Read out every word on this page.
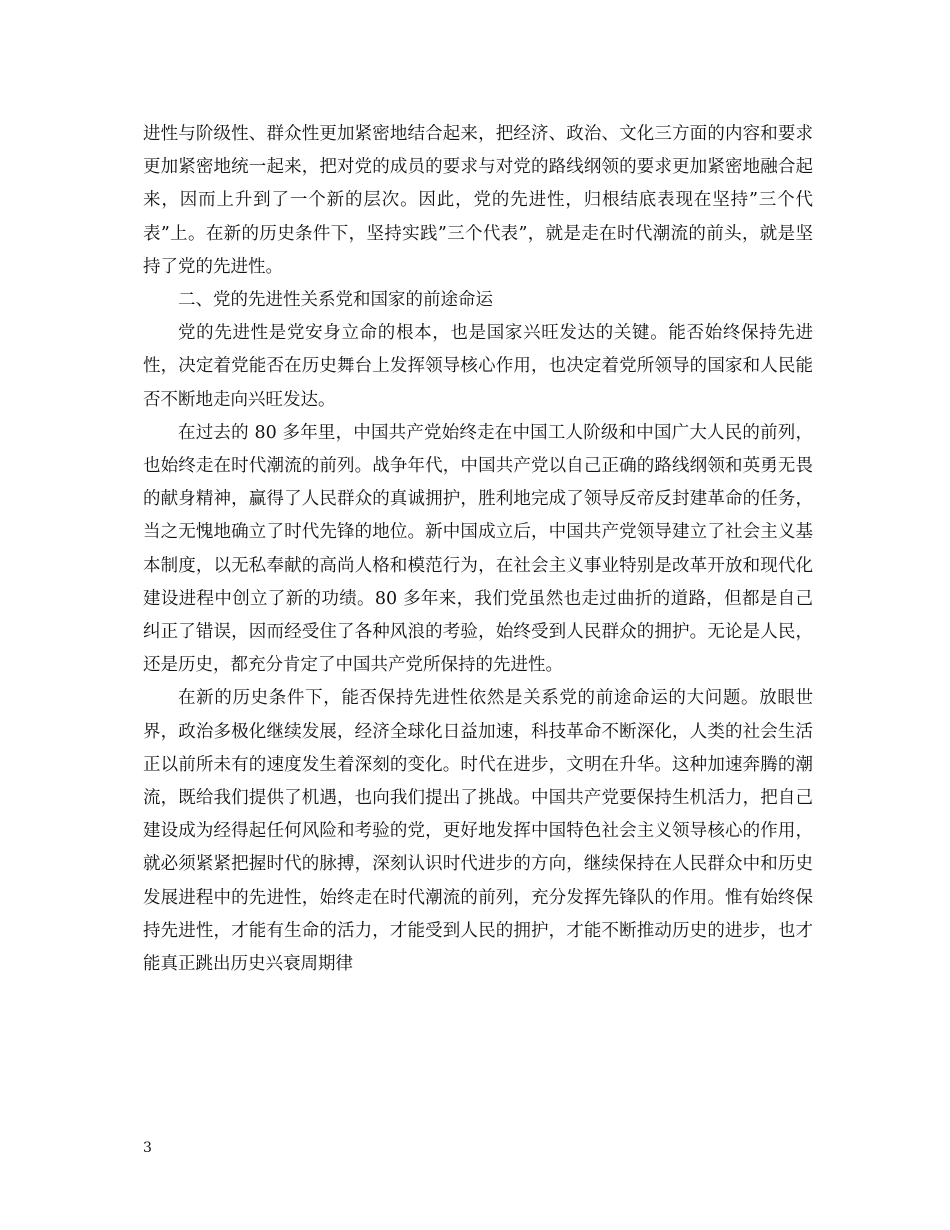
进性与阶级性、群众性更加紧密地结合起来，把经济、政治、文化三方面的内容和要求更加紧密地统一起来，把对党的成员的要求与对党的路线纲领的要求更加紧密地融合起来，因而上升到了一个新的层次。因此，党的先进性，归根结底表现在坚持”三个代表”上。在新的历史条件下，坚持实践”三个代表”，就是走在时代潮流的前头，就是坚持了党的先进性。

二、党的先进性关系党和国家的前途命运

党的先进性是党安身立命的根本，也是国家兴旺发达的关键。能否始终保持先进性，决定着党能否在历史舞台上发挥领导核心作用，也决定着党所领导的国家和人民能否不断地走向兴旺发达。

在过去的 80 多年里，中国共产党始终走在中国工人阶级和中国广大人民的前列，也始终走在时代潮流的前列。战争年代，中国共产党以自己正确的路线纲领和英勇无畏的献身精神，赢得了人民群众的真诚拥护，胜利地完成了领导反帝反封建革命的任务，当之无愧地确立了时代先锋的地位。新中国成立后，中国共产党领导建立了社会主义基本制度，以无私奉献的高尚人格和模范行为，在社会主义事业特别是改革开放和现代化建设进程中创立了新的功绩。80 多年来，我们党虽然也走过曲折的道路，但都是自己纠正了错误，因而经受住了各种风浪的考验，始终受到人民群众的拥护。无论是人民，还是历史，都充分肯定了中国共产党所保持的先进性。

在新的历史条件下，能否保持先进性依然是关系党的前途命运的大问题。放眼世界，政治多极化继续发展，经济全球化日益加速，科技革命不断深化，人类的社会生活正以前所未有的速度发生着深刻的变化。时代在进步，文明在升华。这种加速奔腾的潮流，既给我们提供了机遇，也向我们提出了挑战。中国共产党要保持生机活力，把自己建设成为经得起任何风险和考验的党，更好地发挥中国特色社会主义领导核心的作用，就必须紧紧把握时代的脉搏，深刻认识时代进步的方向，继续保持在人民群众中和历史发展进程中的先进性，始终走在时代潮流的前列，充分发挥先锋队的作用。惟有始终保持先进性，才能有生命的活力，才能受到人民的拥护，才能不断推动历史的进步，也才能真正跳出历史兴衰周期律

3
